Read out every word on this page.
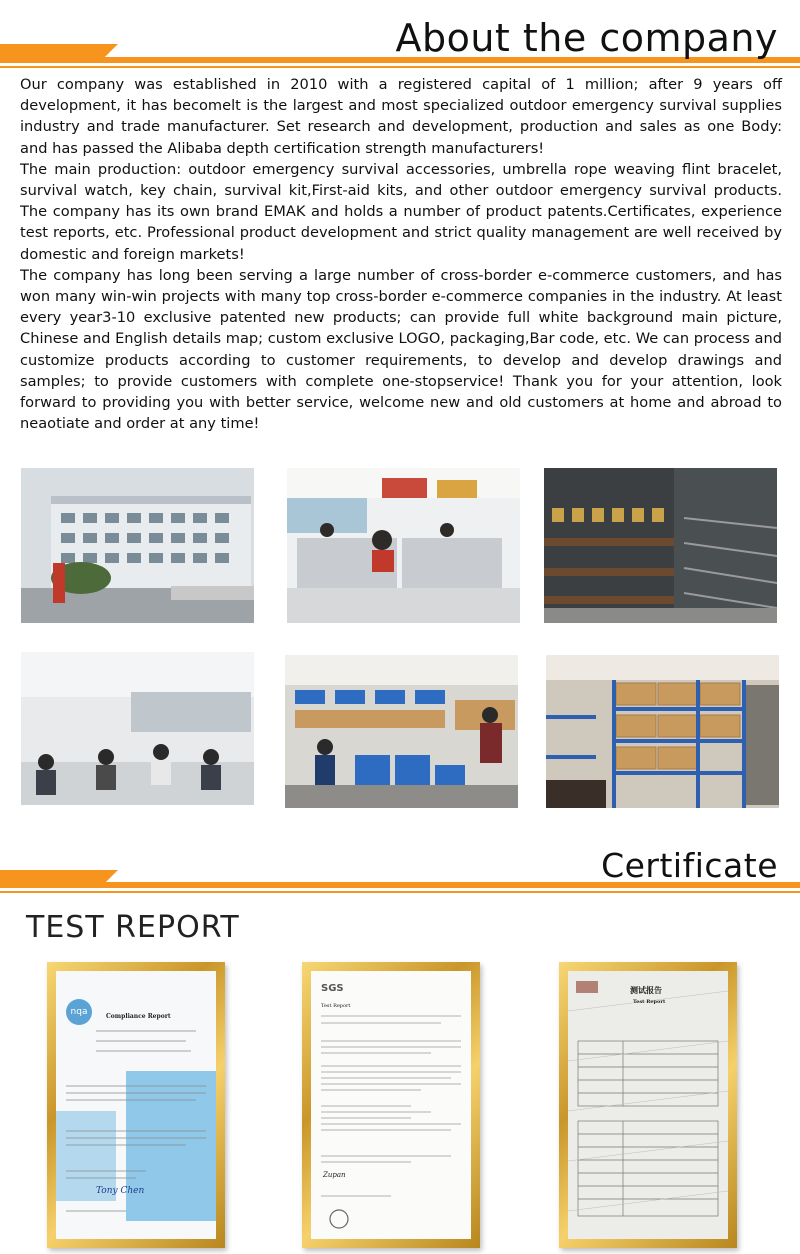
About the company

Our company was established in 2010 with a registered capital of 1 million; after 9 years off development, it has becomelt is the largest and most specialized outdoor emergency survival supplies industry and trade manufacturer. Set research and development, production and sales as one Body: and has passed the Alibaba depth certification strength manufacturers!

The main production: outdoor emergency survival accessories, umbrella rope weaving flint bracelet, survival watch, key chain, survival kit,First-aid kits, and other outdoor emergency survival products. The company has its own brand EMAK and holds a number of product patents.Certificates, experience test reports, etc. Professional product development and strict quality management are well received by domestic and foreign markets!

The company has long been serving a large number of cross-border e-commerce customers, and has won many win-win projects with many top cross-border e-commerce companies in the industry. At least every year3-10 exclusive patented new products; can provide full white background main picture, Chinese and English details map; custom exclusive LOGO, packaging,Bar code, etc. We can process and customize products according to customer requirements, to develop and develop drawings and samples; to provide customers with complete one-stopservice! Thank you for your attention, look forward to providing you with better service, welcome new and old customers at home and abroad to neaotiate and order at any time!

Certificate
TEST REPORT
nqa	Compliance Report
Tony Chen
SGS
Test Report
Zupan
测试报告
Test Report
